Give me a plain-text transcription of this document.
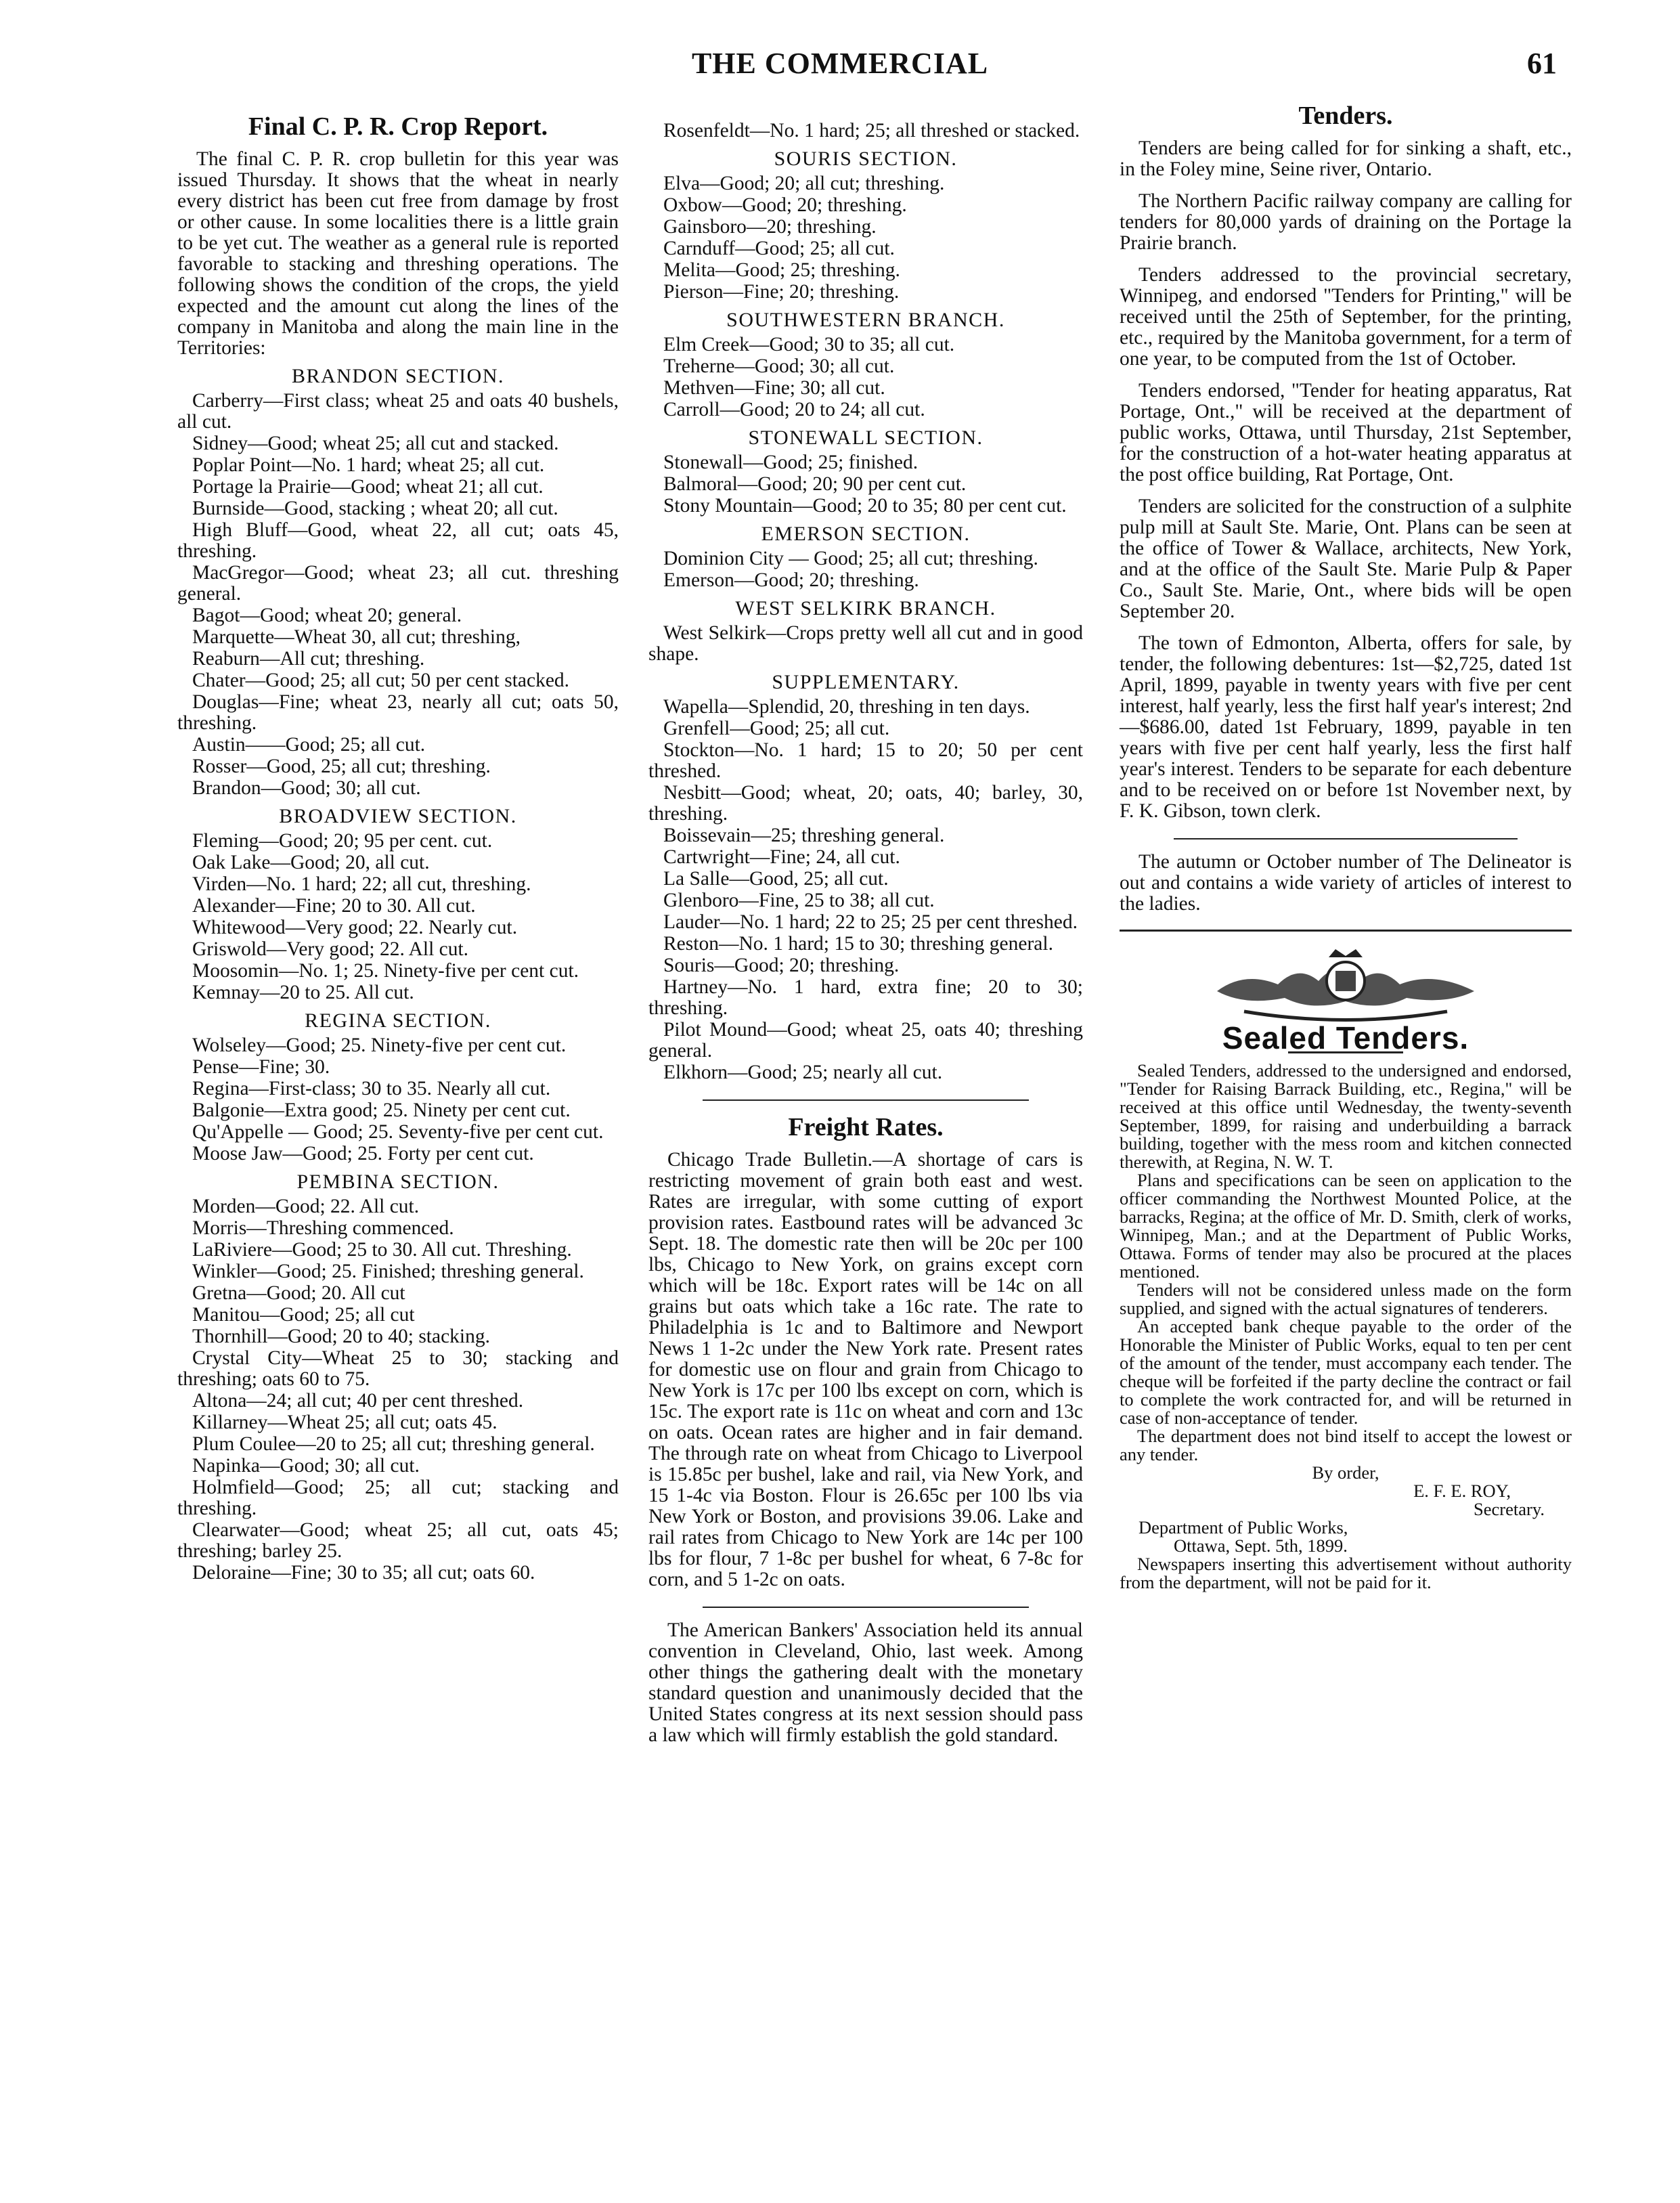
THE COMMERCIAL	61
Final C. P. R. Crop Report.

The final C. P. R. crop bulletin for this year was issued Thursday. It shows that the wheat in nearly every district has been cut free from damage by frost or other cause. In some localities there is a little grain to be yet cut. The weather as a general rule is reported favorable to stacking and threshing operations. The following shows the condition of the crops, the yield expected and the amount cut along the lines of the company in Manitoba and along the main line in the Territories:

BRANDON SECTION.
Carberry—First class; wheat 25 and oats 40 bushels, all cut.
Sidney—Good; wheat 25; all cut and stacked.
Poplar Point—No. 1 hard; wheat 25; all cut.
Portage la Prairie—Good; wheat 21; all cut.
Burnside—Good, stacking ; wheat 20; all cut.
High Bluff—Good, wheat 22, all cut; oats 45, threshing.
MacGregor—Good; wheat 23; all cut. threshing general.
Bagot—Good; wheat 20; general.
Marquette—Wheat 30, all cut; threshing,
Reaburn—All cut; threshing.
Chater—Good; 25; all cut; 50 per cent stacked.
Douglas—Fine; wheat 23, nearly all cut; oats 50, threshing.
Austin——Good; 25; all cut.
Rosser—Good, 25; all cut; threshing.
Brandon—Good; 30; all cut.
BROADVIEW SECTION.
Fleming—Good; 20; 95 per cent. cut.
Oak Lake—Good; 20, all cut.
Virden—No. 1 hard; 22; all cut, threshing.
Alexander—Fine; 20 to 30. All cut.
Whitewood—Very good; 22. Nearly cut.
Griswold—Very good; 22. All cut.
Moosomin—No. 1; 25. Ninety-five per cent cut.
Kemnay—20 to 25. All cut.
REGINA SECTION.
Wolseley—Good; 25. Ninety-five per cent cut.
Pense—Fine; 30.
Regina—First-class; 30 to 35. Nearly all cut.
Balgonie—Extra good; 25. Ninety per cent cut.
Qu'Appelle — Good; 25. Seventy-five per cent cut.
Moose Jaw—Good; 25. Forty per cent cut.
PEMBINA SECTION.
Morden—Good; 22. All cut.
Morris—Threshing commenced.
LaRiviere—Good; 25 to 30. All cut. Threshing.
Winkler—Good; 25. Finished; threshing general.
Gretna—Good; 20. All cut
Manitou—Good; 25; all cut
Thornhill—Good; 20 to 40; stacking.
Crystal City—Wheat 25 to 30; stacking and threshing; oats 60 to 75.
Altona—24; all cut; 40 per cent threshed.
Killarney—Wheat 25; all cut; oats 45.
Plum Coulee—20 to 25; all cut; threshing general.
Napinka—Good; 30; all cut.
Holmfield—Good; 25; all cut; stacking and threshing.
Clearwater—Good; wheat 25; all cut, oats 45; threshing; barley 25.
Deloraine—Fine; 30 to 35; all cut; oats 60.
Rosenfeldt—No. 1 hard; 25; all threshed or stacked.
SOURIS SECTION.
Elva—Good; 20; all cut; threshing.
Oxbow—Good; 20; threshing.
Gainsboro—20; threshing.
Carnduff—Good; 25; all cut.
Melita—Good; 25; threshing.
Pierson—Fine; 20; threshing.
SOUTHWESTERN BRANCH.
Elm Creek—Good; 30 to 35; all cut.
Treherne—Good; 30; all cut.
Methven—Fine; 30; all cut.
Carroll—Good; 20 to 24; all cut.
STONEWALL SECTION.
Stonewall—Good; 25; finished.
Balmoral—Good; 20; 90 per cent cut.
Stony Mountain—Good; 20 to 35; 80 per cent cut.
EMERSON SECTION.
Dominion City — Good; 25; all cut; threshing.
Emerson—Good; 20; threshing.
WEST SELKIRK BRANCH.
West Selkirk—Crops pretty well all cut and in good shape.
SUPPLEMENTARY.
Wapella—Splendid, 20, threshing in ten days.
Grenfell—Good; 25; all cut.
Stockton—No. 1 hard; 15 to 20; 50 per cent threshed.
Nesbitt—Good; wheat, 20; oats, 40; barley, 30, threshing.
Boissevain—25; threshing general.
Cartwright—Fine; 24, all cut.
La Salle—Good, 25; all cut.
Glenboro—Fine, 25 to 38; all cut.
Lauder—No. 1 hard; 22 to 25; 25 per cent threshed.
Reston—No. 1 hard; 15 to 30; threshing general.
Souris—Good; 20; threshing.
Hartney—No. 1 hard, extra fine; 20 to 30; threshing.
Pilot Mound—Good; wheat 25, oats 40; threshing general.
Elkhorn—Good; 25; nearly all cut.
Freight Rates.

Chicago Trade Bulletin.—A shortage of cars is restricting movement of grain both east and west. Rates are irregular, with some cutting of export provision rates. Eastbound rates will be advanced 3c Sept. 18. The domestic rate then will be 20c per 100 lbs, Chicago to New York, on grains except corn which will be 18c. Export rates will be 14c on all grains but oats which take a 16c rate. The rate to Philadelphia is 1c and to Baltimore and Newport News 1 1-2c under the New York rate. Present rates for domestic use on flour and grain from Chicago to New York is 17c per 100 lbs except on corn, which is 15c. The export rate is 11c on wheat and corn and 13c on oats. Ocean rates are higher and in fair demand. The through rate on wheat from Chicago to Liverpool is 15.85c per bushel, lake and rail, via New York, and 15 1-4c via Boston. Flour is 26.65c per 100 lbs via New York or Boston, and provisions 39.06. Lake and rail rates from Chicago to New York are 14c per 100 lbs for flour, 7 1-8c per bushel for wheat, 6 7-8c for corn, and 5 1-2c on oats.

The American Bankers' Association held its annual convention in Cleveland, Ohio, last week. Among other things the gathering dealt with the monetary standard question and unanimously decided that the United States congress at its next session should pass a law which will firmly establish the gold standard.

Tenders.

Tenders are being called for for sinking a shaft, etc., in the Foley mine, Seine river, Ontario.

The Northern Pacific railway company are calling for tenders for 80,000 yards of draining on the Portage la Prairie branch.

Tenders addressed to the provincial secretary, Winnipeg, and endorsed "Tenders for Printing," will be received until the 25th of September, for the printing, etc., required by the Manitoba government, for a term of one year, to be computed from the 1st of October.

Tenders endorsed, "Tender for heating apparatus, Rat Portage, Ont.," will be received at the department of public works, Ottawa, until Thursday, 21st September, for the construction of a hot-water heating apparatus at the post office building, Rat Portage, Ont.

Tenders are solicited for the construction of a sulphite pulp mill at Sault Ste. Marie, Ont. Plans can be seen at the office of Tower & Wallace, architects, New York, and at the office of the Sault Ste. Marie Pulp & Paper Co., Sault Ste. Marie, Ont., where bids will be open September 20.

The town of Edmonton, Alberta, offers for sale, by tender, the following debentures: 1st—$2,725, dated 1st April, 1899, payable in twenty years with five per cent interest, half yearly, less the first half year's interest; 2nd—$686.00, dated 1st February, 1899, payable in ten years with five per cent half yearly, less the first half year's interest. Tenders to be separate for each debenture and to be received on or before 1st November next, by F. K. Gibson, town clerk.

The autumn or October number of The Delineator is out and contains a wide variety of articles of interest to the ladies.

Sealed Tenders.

Sealed Tenders, addressed to the undersigned and endorsed, "Tender for Raising Barrack Building, etc., Regina," will be received at this office until Wednesday, the twenty-seventh September, 1899, for raising and underbuilding a barrack building, together with the mess room and kitchen connected therewith, at Regina, N. W. T.

Plans and specifications can be seen on application to the officer commanding the Northwest Mounted Police, at the barracks, Regina; at the office of Mr. D. Smith, clerk of works, Winnipeg, Man.; and at the Department of Public Works, Ottawa. Forms of tender may also be procured at the places mentioned.

Tenders will not be considered unless made on the form supplied, and signed with the actual signatures of tenderers.

An accepted bank cheque payable to the order of the Honorable the Minister of Public Works, equal to ten per cent of the amount of the tender, must accompany each tender. The cheque will be forfeited if the party decline the contract or fail to complete the work contracted for, and will be returned in case of non-acceptance of tender.

The department does not bind itself to accept the lowest or any tender.

By order,
E. F. E. ROY,
Secretary.
Department of Public Works,
Ottawa, Sept. 5th, 1899.

Newspapers inserting this advertisement without authority from the department, will not be paid for it.
